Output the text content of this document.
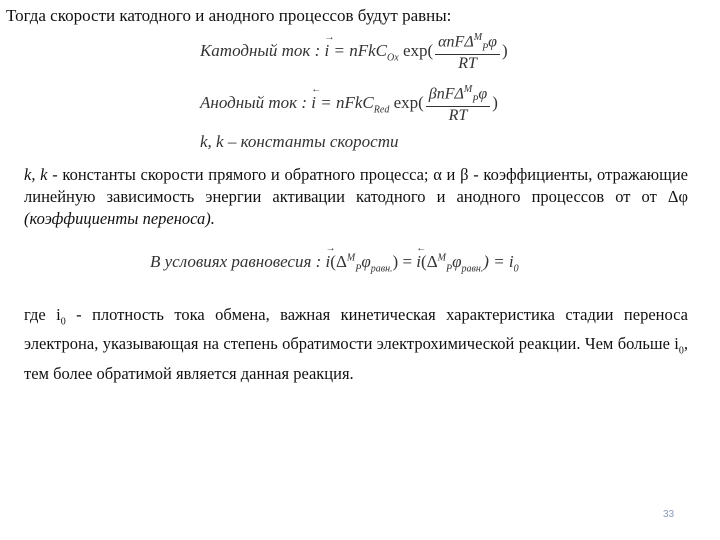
Тогда скорости катодного и анодного процессов будут равны:
Катодный ток :
→
i = nFkC$_{Ox}$ $\exp( \frac{\alpha nF\Delta^M_P\varphi}{RT}$ )
Анодный ток :
←
i = nFkC$_{Red}$ $\exp( \frac{\beta nF\Delta^M_P\varphi}{RT}$ )
k, k – константы скорости
k, k - константы скорости прямого и обратного процесса; α и β - коэффициенты, отражающие линейную зависимость энергии активации катодного и анодного процессов от от Δφ (коэффициенты переноса).
В условиях равновесия :
→
$i(\Delta^M_P\varphi_{равн.})$ =
←
$i(\Delta^M_P\varphi_{равн.}) = i_0$
где $i_0$ - плотность тока обмена, важная кинетическая характеристика стадии переноса электрона, указывающая на степень обратимости электрохимической реакции. Чем больше $i_0$, тем более обратимой является данная реакция.
33
